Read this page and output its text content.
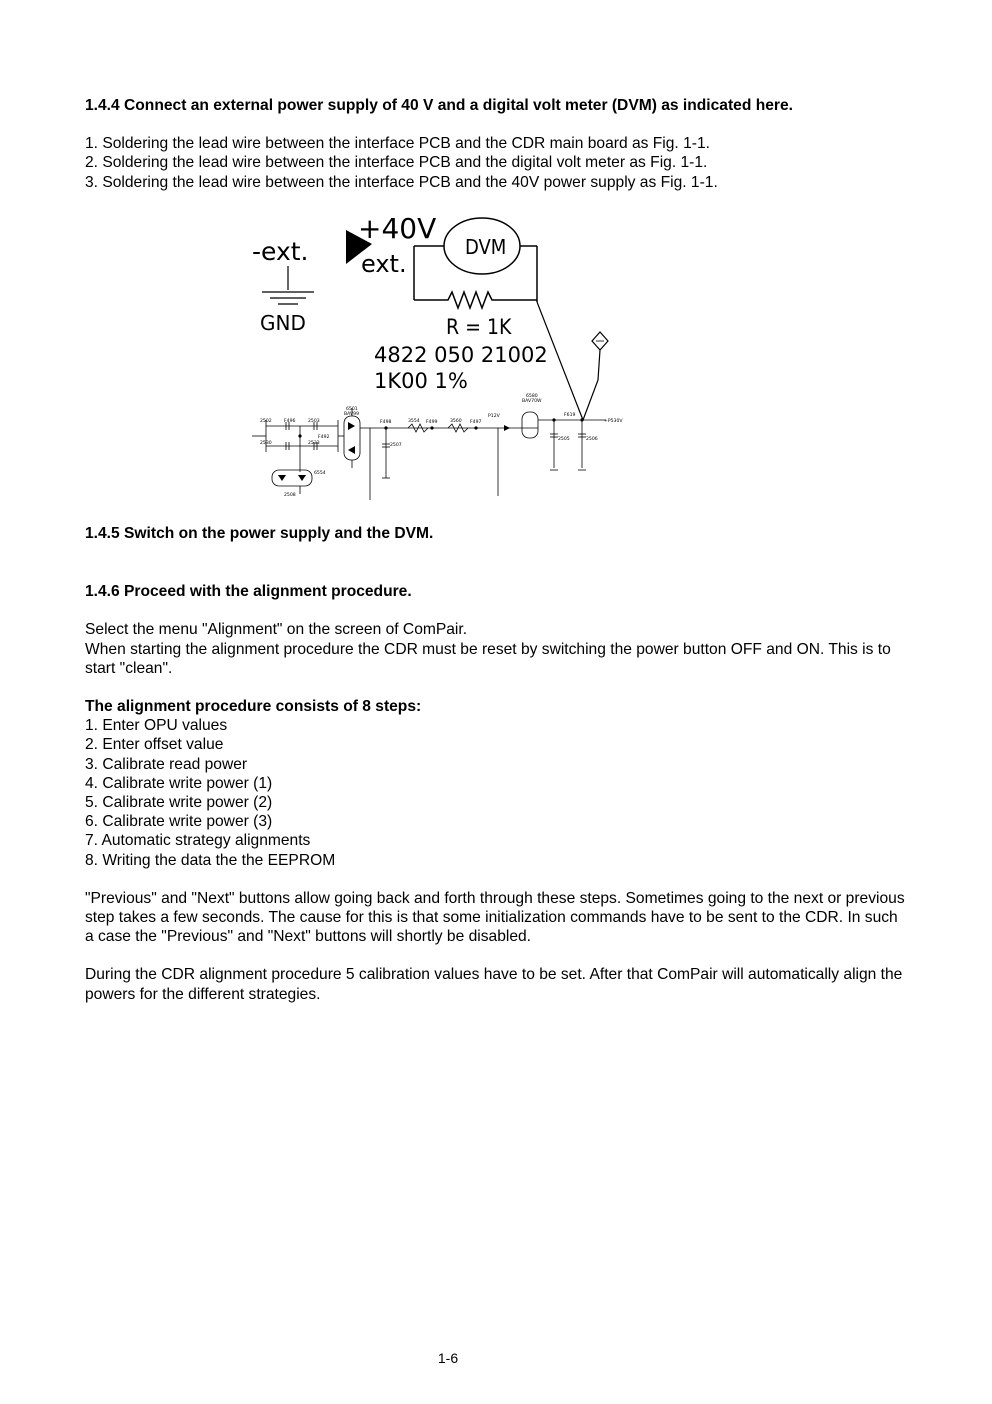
1.4.4 Connect an external power supply of 40 V and a digital volt meter (DVM) as indicated here.

1. Soldering the lead wire between the interface PCB and the CDR main board as Fig. 1-1.

2. Soldering the lead wire between the interface PCB and the digital volt meter as Fig. 1-1.

3. Soldering the lead wire between the interface PCB and the 40V power supply as Fig. 1-1.

-ext.
GND
+40V
ext.
DVM
R = 1K
4822 050 21002
1K00 1%
2502	F496	2503
2530
F492
2533
6501
BAV99
F498	3554 F499	3560 F497
P12V
6580
BAV70W
F619
2507
2505	2506
+P530V
6554
2508

1.4.5 Switch on the power supply and the DVM.

1.4.6 Proceed with the alignment procedure.

Select the menu "Alignment" on the screen of ComPair.

When starting the alignment procedure the CDR must be reset by switching the power button OFF and ON. This is to start "clean".

The alignment procedure consists of 8 steps:

1. Enter OPU values

2. Enter offset value

3. Calibrate read power

4. Calibrate write power (1)

5. Calibrate write power (2)

6. Calibrate write power (3)

7. Automatic strategy alignments

8. Writing the data the the EEPROM

"Previous" and "Next" buttons allow going back and forth through these steps. Sometimes going to the next or previous step takes a few seconds. The cause for this is that some initialization commands have to be sent to the CDR. In such a case the "Previous" and "Next" buttons will shortly be disabled.

During the CDR alignment procedure 5 calibration values have to be set. After that ComPair will automatically align the powers for the different strategies.

1-6
